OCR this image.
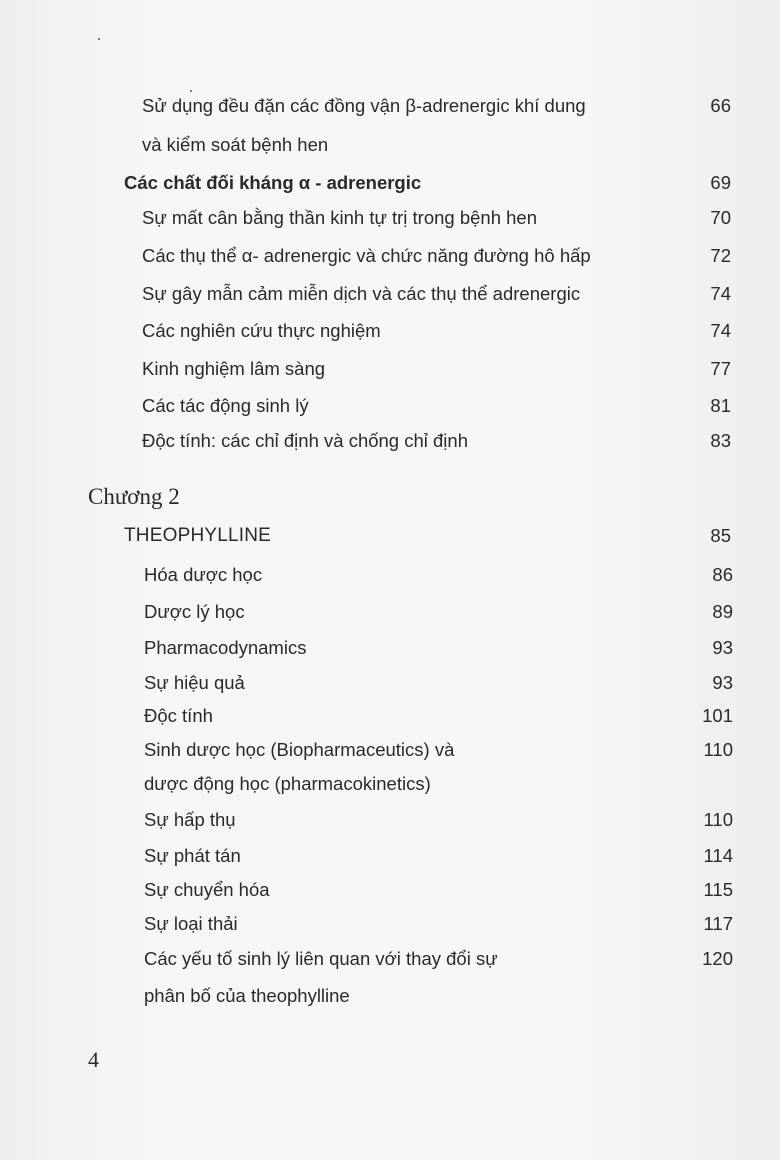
Sử dụng đều đặn các đồng vận β-adrenergic khí dung	66
và kiểm soát bệnh hen
Các chất đối kháng α - adrenergic	69
Sự mất cân bằng thần kinh tự trị trong bệnh hen	70
Các thụ thể α- adrenergic và chức năng đường hô hấp	72
Sự gây mẫn cảm miễn dịch và các thụ thể adrenergic	74
Các nghiên cứu thực nghiệm	74
Kinh nghiệm lâm sàng	77
Các tác động sinh lý	81
Độc tính: các chỉ định và chống chỉ định	83
Chương 2
THEOPHYLLINE	85
Hóa dược học	86
Dược lý học	89
Pharmacodynamics	93
Sự hiệu quả	93
Độc tính	101
Sinh dược học (Biopharmaceutics) và	110
dược động học (pharmacokinetics)
Sự hấp thụ	110
Sự phát tán	114
Sự chuyển hóa	115
Sự loại thải	117
Các yếu tố sinh lý liên quan với thay đổi sự	120
phân bố của theophylline
4
